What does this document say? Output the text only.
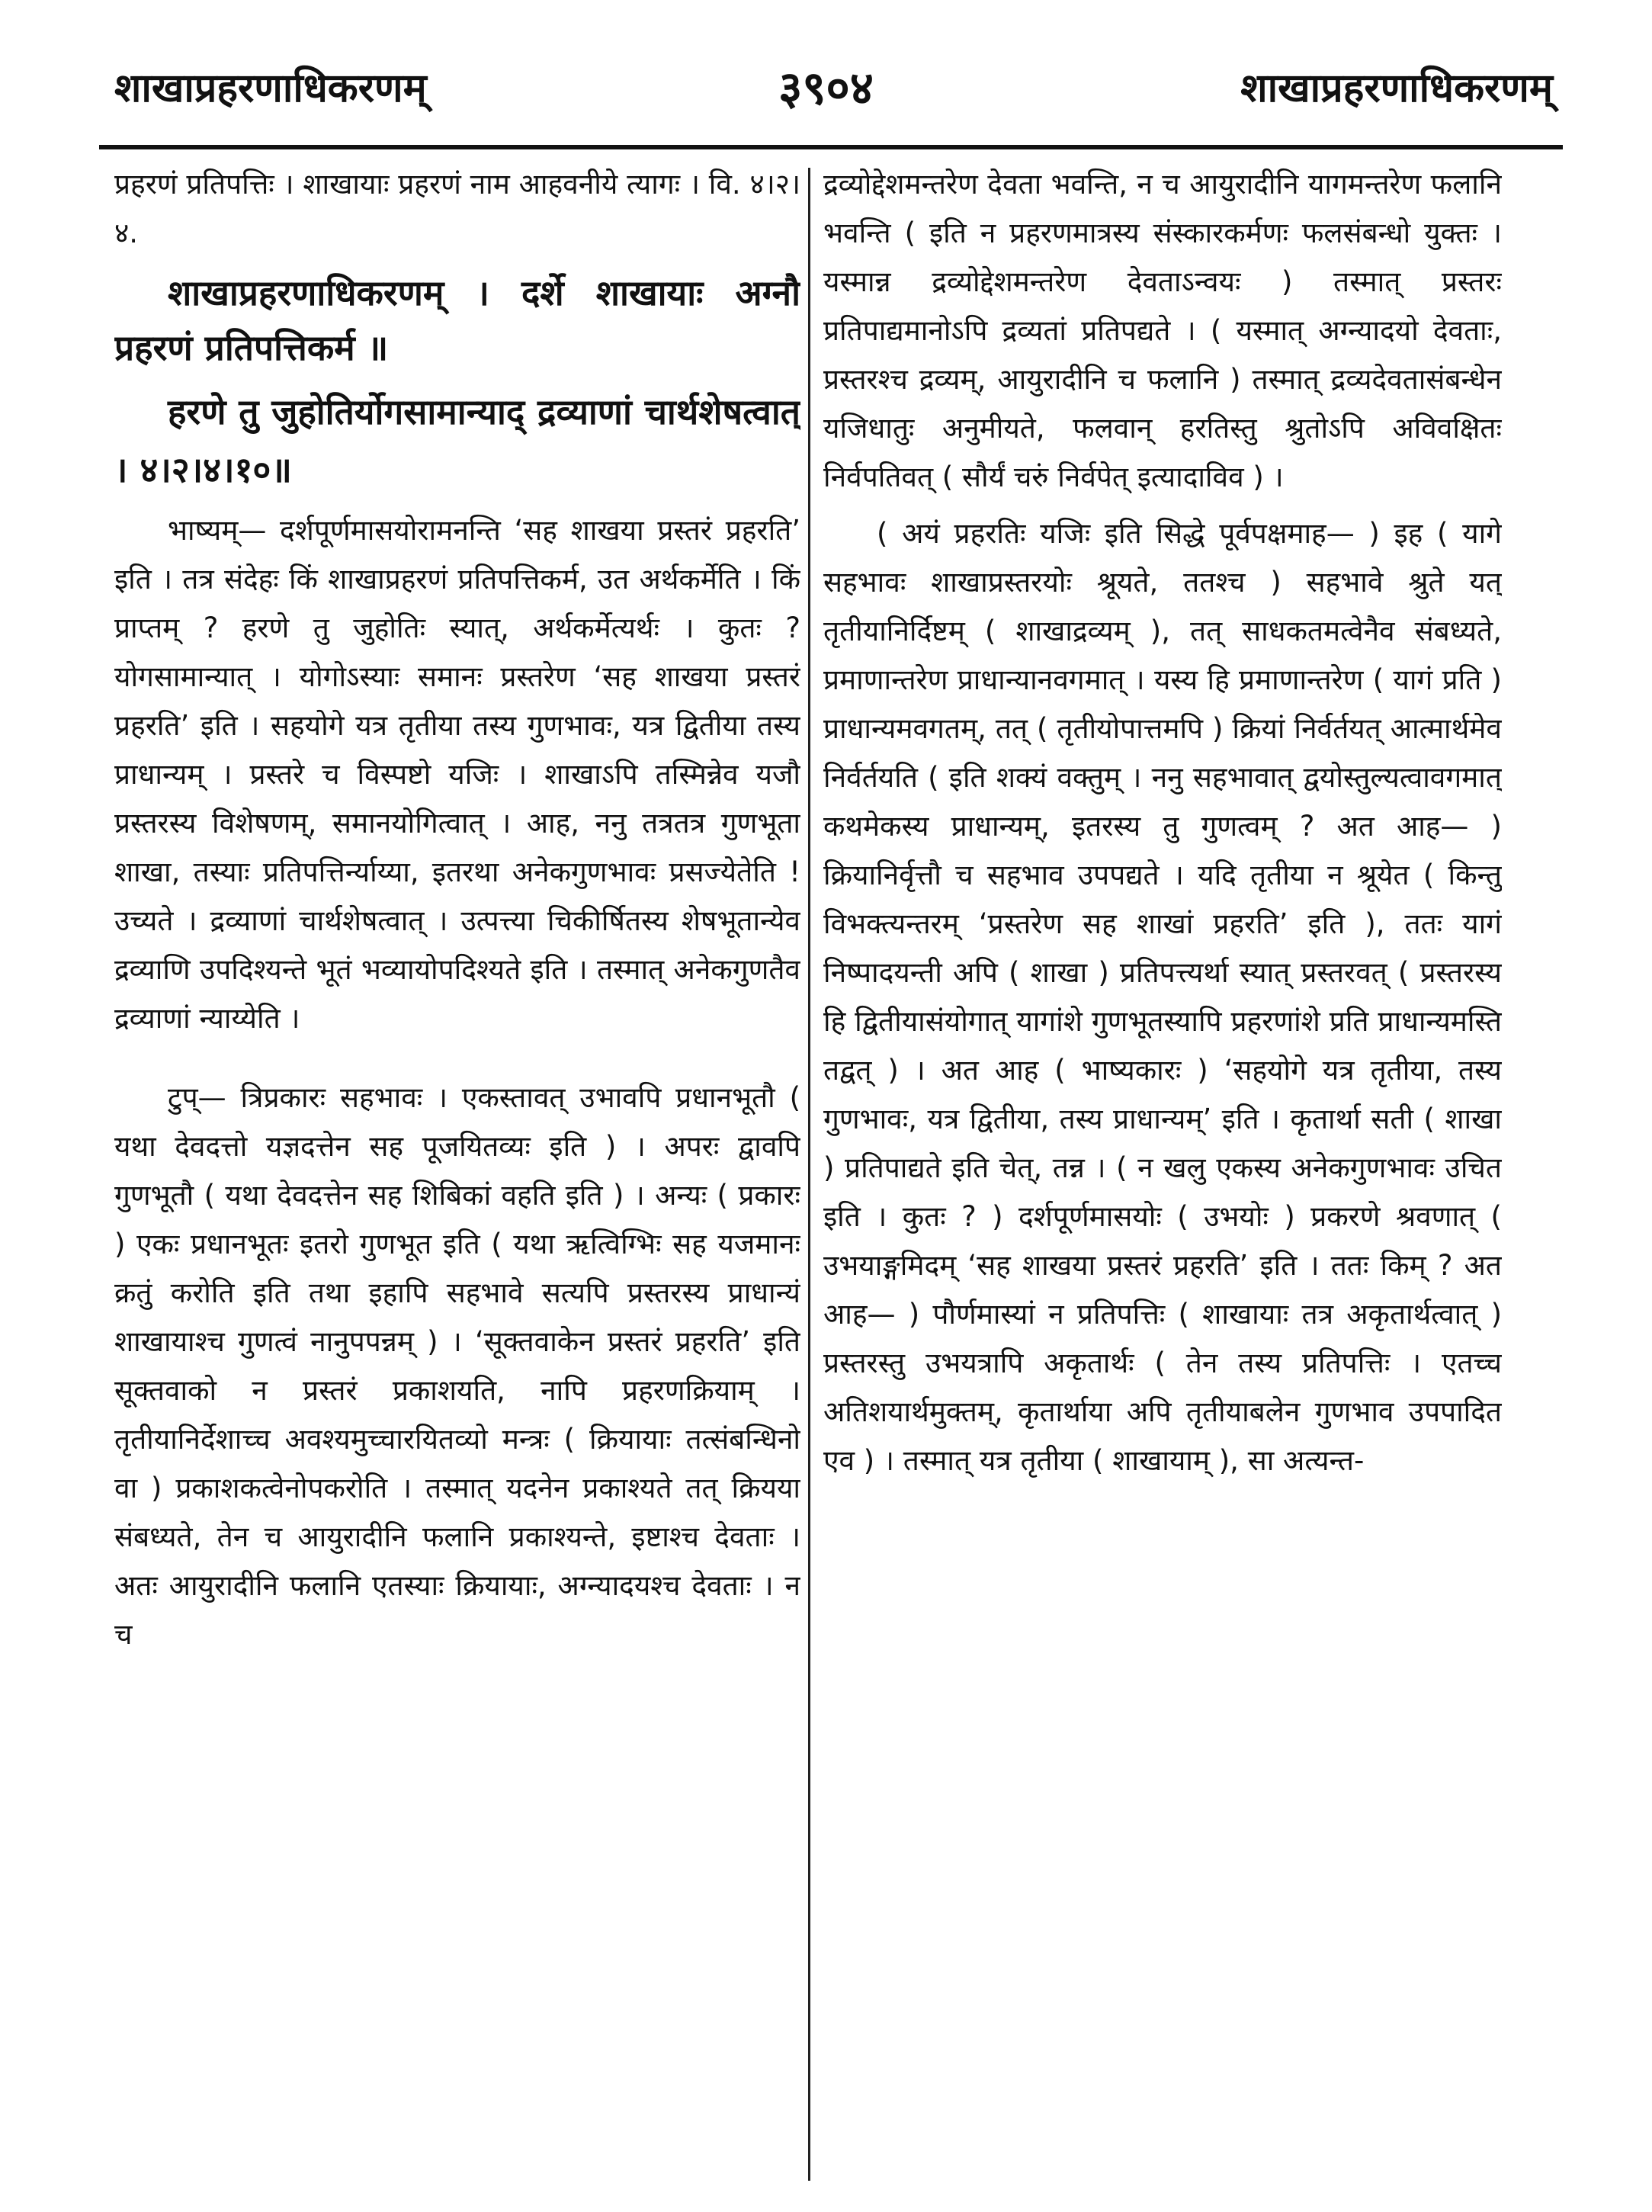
शाखाप्रहरणाधिकरणम्	३९०४	शाखाप्रहरणाधिकरणम्

प्रहरणं प्रतिपत्तिः । शाखायाः प्रहरणं नाम आहवनीये त्यागः । वि. ४।२।४.

शाखाप्रहरणाधिकरणम् । दर्शे शाखायाः अग्नौ प्रहरणं प्रतिपत्तिकर्म ॥

हरणे तु जुहोतिर्योगसामान्याद् द्रव्याणां चार्थशेषत्वात् । ४।२।४।१०॥

भाष्यम्— दर्शपूर्णमासयोरामनन्ति ‘सह शाखया प्रस्तरं प्रहरति’ इति । तत्र संदेहः किं शाखाप्रहरणं प्रतिपत्तिकर्म, उत अर्थकर्मेति । किं प्राप्तम् ? हरणे तु जुहोतिः स्यात्, अर्थकर्मेत्यर्थः । कुतः ? योगसामान्यात् । योगोऽस्याः समानः प्रस्तरेण ‘सह शाखया प्रस्तरं प्रहरति’ इति । सहयोगे यत्र तृतीया तस्य गुणभावः, यत्र द्वितीया तस्य प्राधान्यम् । प्रस्तरे च विस्पष्टो यजिः । शाखाऽपि तस्मिन्नेव यजौ प्रस्तरस्य विशेषणम्, समानयोगित्वात् । आह, ननु तत्रतत्र गुणभूता शाखा, तस्याः प्रतिपत्तिर्न्याय्या, इतरथा अनेकगुणभावः प्रसज्येतेति ! उच्यते । द्रव्याणां चार्थशेषत्वात् । उत्पत्त्या चिकीर्षितस्य शेषभूतान्येव द्रव्याणि उपदिश्यन्ते भूतं भव्यायोपदिश्यते इति । तस्मात् अनेकगुणतैव द्रव्याणां न्याय्येति ।

टुप्— त्रिप्रकारः सहभावः । एकस्तावत् उभावपि प्रधानभूतौ ( यथा देवदत्तो यज्ञदत्तेन सह पूजयितव्यः इति ) । अपरः द्वावपि गुणभूतौ ( यथा देवदत्तेन सह शिबिकां वहति इति ) । अन्यः ( प्रकारः ) एकः प्रधानभूतः इतरो गुणभूत इति ( यथा ऋत्विग्भिः सह यजमानः क्रतुं करोति इति तथा इहापि सहभावे सत्यपि प्रस्तरस्य प्राधान्यं शाखायाश्च गुणत्वं नानुपपन्नम् ) । ‘सूक्तवाकेन प्रस्तरं प्रहरति’ इति सूक्तवाको न प्रस्तरं प्रकाशयति, नापि प्रहरणक्रियाम् । तृतीयानिर्देशाच्च अवश्यमुच्चारयितव्यो मन्त्रः ( क्रियायाः तत्संबन्धिनो वा ) प्रकाशकत्वेनोपकरोति । तस्मात् यदनेन प्रकाश्यते तत् क्रियया संबध्यते, तेन च आयुरादीनि फलानि प्रकाश्यन्ते, इष्टाश्च देवताः । अतः आयुरादीनि फलानि एतस्याः क्रियायाः, अग्न्यादयश्च देवताः । न च

द्रव्योद्देशमन्तरेण देवता भवन्ति, न च आयुरादीनि यागमन्तरेण फलानि भवन्ति ( इति न प्रहरणमात्रस्य संस्कारकर्मणः फलसंबन्धो युक्तः । यस्मान्न द्रव्योद्देशमन्तरेण देवताऽन्वयः ) तस्मात् प्रस्तरः प्रतिपाद्यमानोऽपि द्रव्यतां प्रतिपद्यते । ( यस्मात् अग्न्यादयो देवताः, प्रस्तरश्च द्रव्यम्, आयुरादीनि च फलानि ) तस्मात् द्रव्यदेवतासंबन्धेन यजिधातुः अनुमीयते, फलवान् हरतिस्तु श्रुतोऽपि अविवक्षितः निर्वपतिवत् ( सौर्यं चरुं निर्वपेत् इत्यादाविव ) ।

( अयं प्रहरतिः यजिः इति सिद्धे पूर्वपक्षमाह— ) इह ( यागे सहभावः शाखाप्रस्तरयोः श्रूयते, ततश्च ) सहभावे श्रुते यत् तृतीयानिर्दिष्टम् ( शाखाद्रव्यम् ), तत् साधकतमत्वेनैव संबध्यते, प्रमाणान्तरेण प्राधान्यानवगमात् । यस्य हि प्रमाणान्तरेण ( यागं प्रति ) प्राधान्यमवगतम्, तत् ( तृतीयोपात्तमपि ) क्रियां निर्वर्तयत् आत्मार्थमेव निर्वर्तयति ( इति शक्यं वक्तुम् । ननु सहभावात् द्वयोस्तुल्यत्वावगमात् कथमेकस्य प्राधान्यम्, इतरस्य तु गुणत्वम् ? अत आह— ) क्रियानिर्वृत्तौ च सहभाव उपपद्यते । यदि तृतीया न श्रूयेत ( किन्तु विभक्त्यन्तरम् ‘प्रस्तरेण सह शाखां प्रहरति’ इति ), ततः यागं निष्पादयन्ती अपि ( शाखा ) प्रतिपत्त्यर्था स्यात् प्रस्तरवत् ( प्रस्तरस्य हि द्वितीयासंयोगात् यागांशे गुणभूतस्यापि प्रहरणांशे प्रति प्राधान्यमस्ति तद्वत् ) । अत आह ( भाष्यकारः ) ‘सहयोगे यत्र तृतीया, तस्य गुणभावः, यत्र द्वितीया, तस्य प्राधान्यम्’ इति । कृतार्था सती ( शाखा ) प्रतिपाद्यते इति चेत्, तन्न । ( न खलु एकस्य अनेकगुणभावः उचित इति । कुतः ? ) दर्शपूर्णमासयोः ( उभयोः ) प्रकरणे श्रवणात् ( उभयाङ्गमिदम् ‘सह शाखया प्रस्तरं प्रहरति’ इति । ततः किम् ? अत आह— ) पौर्णमास्यां न प्रतिपत्तिः ( शाखायाः तत्र अकृतार्थत्वात् ) प्रस्तरस्तु उभयत्रापि अकृतार्थः ( तेन तस्य प्रतिपत्तिः । एतच्च अतिशयार्थमुक्तम्, कृतार्थाया अपि तृतीयाबलेन गुणभाव उपपादित एव ) । तस्मात् यत्र तृतीया ( शाखायाम् ), सा अत्यन्त-
